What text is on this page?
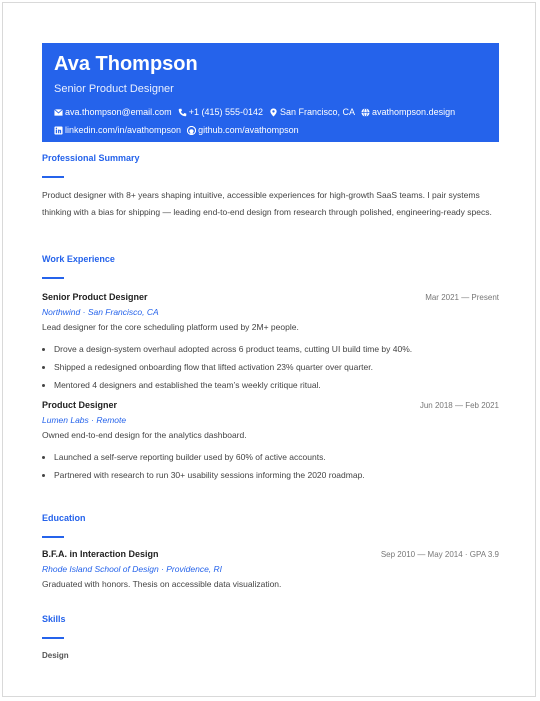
Ava Thompson
Senior Product Designer
ava.thompson@email.com +1 (415) 555-0142 San Francisco, CA avathompson.design
linkedin.com/in/avathompson github.com/avathompson
Professional Summary
Product designer with 8+ years shaping intuitive, accessible experiences for high-growth SaaS teams. I pair systems thinking with a bias for shipping — leading end-to-end design from research through polished, engineering-ready specs.
Work Experience
Senior Product Designer	Mar 2021 — Present
Northwind · San Francisco, CA
Lead designer for the core scheduling platform used by 2M+ people.
• Drove a design-system overhaul adopted across 6 product teams, cutting UI build time by 40%.
• Shipped a redesigned onboarding flow that lifted activation 23% quarter over quarter.
• Mentored 4 designers and established the team’s weekly critique ritual.
Product Designer	Jun 2018 — Feb 2021
Lumen Labs · Remote
Owned end-to-end design for the analytics dashboard.
• Launched a self-serve reporting builder used by 60% of active accounts.
• Partnered with research to run 30+ usability sessions informing the 2020 roadmap.
Education
B.F.A. in Interaction Design	Sep 2010 — May 2014 · GPA 3.9
Rhode Island School of Design · Providence, RI
Graduated with honors. Thesis on accessible data visualization.
Skills
Design
